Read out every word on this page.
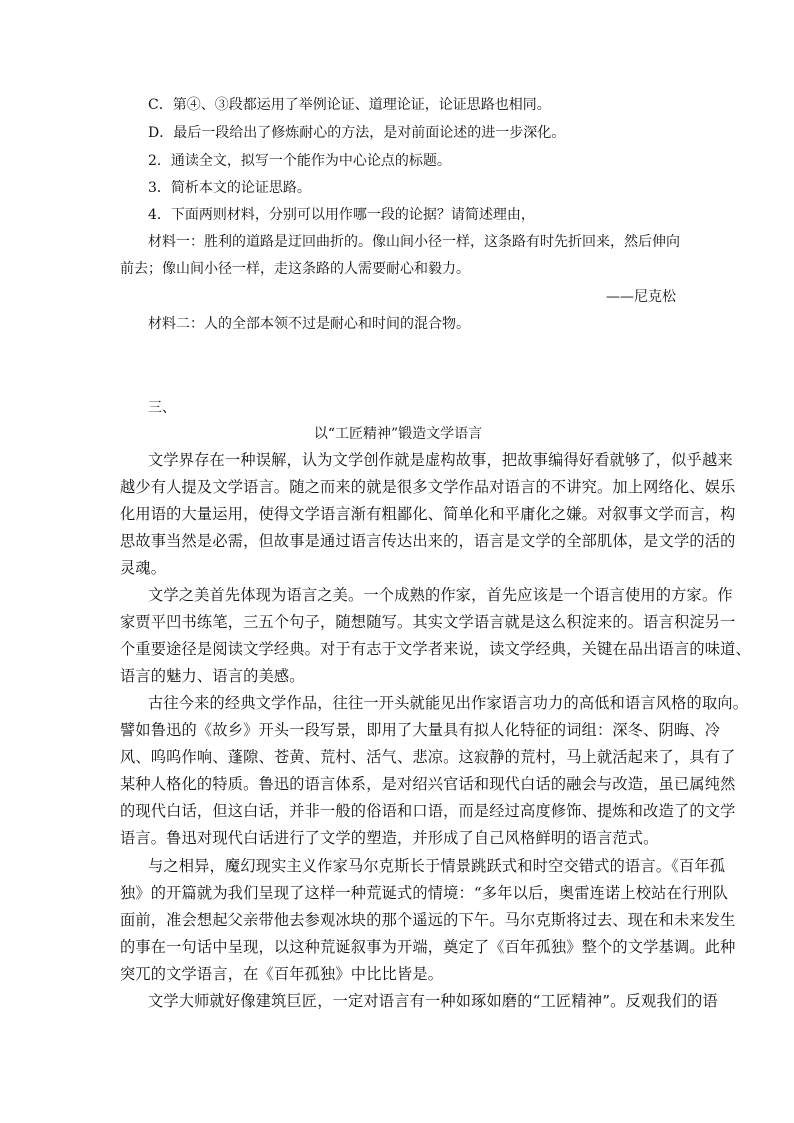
C．第④、③段都运用了举例论证、道理论证，论证思路也相同。
D．最后一段给出了修炼耐心的方法，是对前面论述的进一步深化。
2．通读全文，拟写一个能作为中心论点的标题。
3．简析本文的论证思路。
4．下面两则材料，分别可以用作哪一段的论据？请简述理由，
材料一：胜利的道路是迂回曲折的。像山间小径一样，这条路有时先折回来，然后伸向
前去；像山间小径一样，走这条路的人需要耐心和毅力。
——尼克松
材料二：人的全部本领不过是耐心和时间的混合物。
三、
以“工匠精神”锻造文学语言
文学界存在一种误解，认为文学创作就是虚构故事，把故事编得好看就够了，似乎越来
越少有人提及文学语言。随之而来的就是很多文学作品对语言的不讲究。加上网络化、娱乐
化用语的大量运用，使得文学语言渐有粗鄙化、简单化和平庸化之嫌。对叙事文学而言，构
思故事当然是必需，但故事是通过语言传达出来的，语言是文学的全部肌体，是文学的活的
灵魂。
文学之美首先体现为语言之美。一个成熟的作家，首先应该是一个语言使用的方家。作
家贾平凹书练笔，三五个句子，随想随写。其实文学语言就是这么积淀来的。语言积淀另一
个重要途径是阅读文学经典。对于有志于文学者来说，读文学经典，关键在品出语言的味道、
语言的魅力、语言的美感。
古往今来的经典文学作品，往往一开头就能见出作家语言功力的高低和语言风格的取向。
譬如鲁迅的《故乡》开头一段写景，即用了大量具有拟人化特征的词组：深冬、阴晦、冷
风、呜呜作响、蓬隙、苍黄、荒村、活气、悲凉。这寂静的荒村，马上就活起来了，具有了
某种人格化的特质。鲁迅的语言体系，是对绍兴官话和现代白话的融会与改造，虽已属纯然
的现代白话，但这白话，并非一般的俗语和口语，而是经过高度修饰、提炼和改造了的文学
语言。鲁迅对现代白话进行了文学的塑造，并形成了自己风格鲜明的语言范式。
与之相异，魔幻现实主义作家马尔克斯长于情景跳跃式和时空交错式的语言。《百年孤
独》的开篇就为我们呈现了这样一种荒诞式的情境：“多年以后，奥雷连诺上校站在行刑队
面前，准会想起父亲带他去参观冰块的那个遥远的下午。马尔克斯将过去、现在和未来发生
的事在一句话中呈现，以这种荒诞叙事为开端，奠定了《百年孤独》整个的文学基调。此种
突兀的文学语言，在《百年孤独》中比比皆是。
文学大师就好像建筑巨匠，一定对语言有一种如琢如磨的“工匠精神”。反观我们的语
